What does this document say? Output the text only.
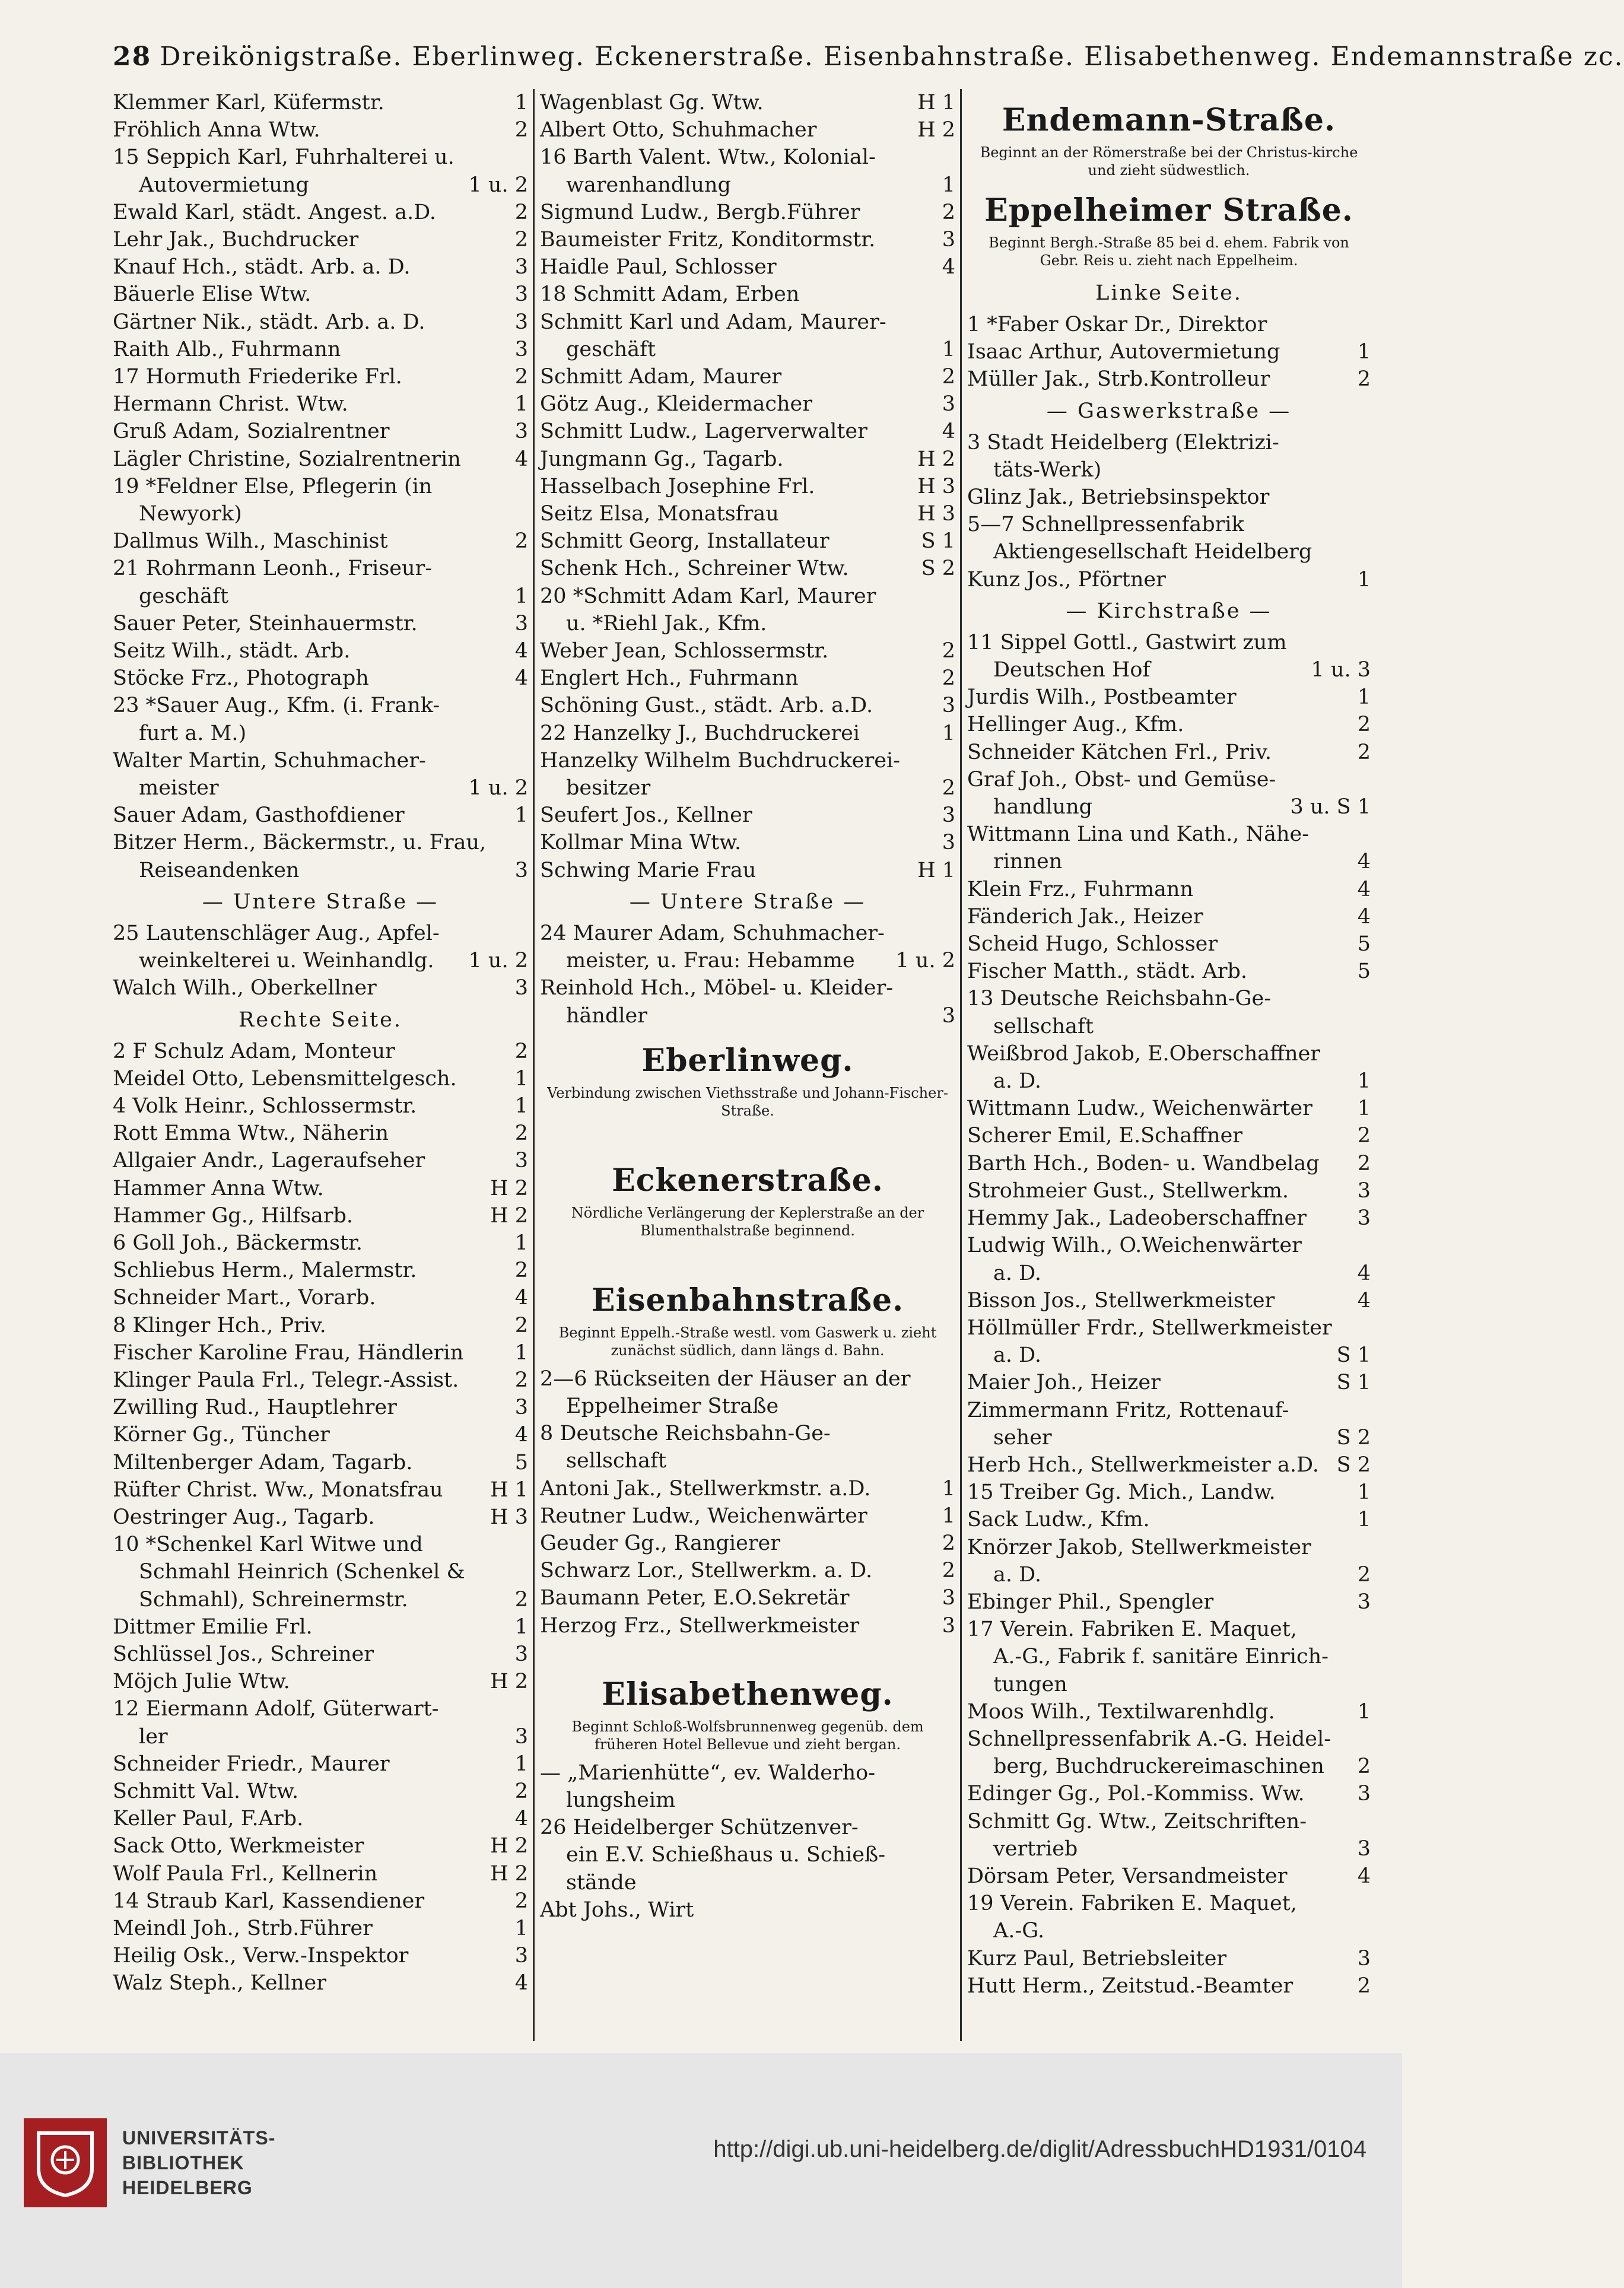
28 Dreikönigstraße. Eberlinweg. Eckenerstraße. Eisenbahnstraße. Elisabethenweg. Endemannstraße zc.
Klemmer Karl, Küfermstr.	1
Fröhlich Anna Wtw.	2
15 Seppich Karl, Fuhrhalterei u.
Autovermietung	1 u. 2
Ewald Karl, städt. Angest. a.D.	2
Lehr Jak., Buchdrucker	2
Knauf Hch., städt. Arb. a. D.	3
Bäuerle Elise Wtw.	3
Gärtner Nik., städt. Arb. a. D.	3
Raith Alb., Fuhrmann	3
17 Hormuth Friederike Frl.	2
Hermann Christ. Wtw.	1
Gruß Adam, Sozialrentner	3
Lägler Christine, Sozialrentnerin	4
19 *Feldner Else, Pflegerin (in
Newyork)
Dallmus Wilh., Maschinist	2
21 Rohrmann Leonh., Friseur-
geschäft	1
Sauer Peter, Steinhauermstr.	3
Seitz Wilh., städt. Arb.	4
Stöcke Frz., Photograph	4
23 *Sauer Aug., Kfm. (i. Frank-
furt a. M.)
Walter Martin, Schuhmacher-
meister	1 u. 2
Sauer Adam, Gasthofdiener	1
Bitzer Herm., Bäckermstr., u. Frau,
Reiseandenken	3
— Untere Straße —
25 Lautenschläger Aug., Apfel-
weinkelterei u. Weinhandlg. 1 u. 2
Walch Wilh., Oberkellner	3
Rechte Seite.
2 F Schulz Adam, Monteur	2
Meidel Otto, Lebensmittelgesch.	1
4 Volk Heinr., Schlossermstr.	1
Rott Emma Wtw., Näherin	2
Allgaier Andr., Lageraufseher	3
Hammer Anna Wtw.	H 2
Hammer Gg., Hilfsarb.	H 2
6 Goll Joh., Bäckermstr.	1
Schliebus Herm., Malermstr.	2
Schneider Mart., Vorarb.	4
8 Klinger Hch., Priv.	2
Fischer Karoline Frau, Händlerin 1
Klinger Paula Frl., Telegr.-Assist.	2
Zwilling Rud., Hauptlehrer	3
Körner Gg., Tüncher	4
Miltenberger Adam, Tagarb.	5
Rüfter Christ. Ww., Monatsfrau H 1
Oestringer Aug., Tagarb.	H 3
10 *Schenkel Karl Witwe und
Schmahl Heinrich (Schenkel &
Schmahl), Schreinermstr.	2
Dittmer Emilie Frl.	1
Schlüssel Jos., Schreiner	3
Möjch Julie Wtw.	H 2
12 Eiermann Adolf, Güterwart-
ler	3
Schneider Friedr., Maurer	1
Schmitt Val. Wtw.	2
Keller Paul, F.Arb.	4
Sack Otto, Werkmeister	H 2
Wolf Paula Frl., Kellnerin	H 2
14 Straub Karl, Kassendiener	2
Meindl Joh., Strb.Führer	1
Heilig Osk., Verw.-Inspektor	3
Walz Steph., Kellner	4
Wagenblast Gg. Wtw.	H 1
Albert Otto, Schuhmacher	H 2
16 Barth Valent. Wtw., Kolonial-
warenhandlung	1
Sigmund Ludw., Bergb.Führer	2
Baumeister Fritz, Konditormstr.	3
Haidle Paul, Schlosser	4
18 Schmitt Adam, Erben
Schmitt Karl und Adam, Maurer-
geschäft	1
Schmitt Adam, Maurer	2
Götz Aug., Kleidermacher	3
Schmitt Ludw., Lagerverwalter	4
Jungmann Gg., Tagarb.	H 2
Hasselbach Josephine Frl.	H 3
Seitz Elsa, Monatsfrau	H 3
Schmitt Georg, Installateur	S 1
Schenk Hch., Schreiner Wtw.	S 2
20 *Schmitt Adam Karl, Maurer
u. *Riehl Jak., Kfm.
Weber Jean, Schlossermstr.	2
Englert Hch., Fuhrmann	2
Schöning Gust., städt. Arb. a.D.	3
22 Hanzelky J., Buchdruckerei	1
Hanzelky Wilhelm Buchdruckerei-
besitzer	2
Seufert Jos., Kellner	3
Kollmar Mina Wtw.	3
Schwing Marie Frau	H 1
— Untere Straße —
24 Maurer Adam, Schuhmacher-
meister, u. Frau: Hebamme 1 u. 2
Reinhold Hch., Möbel- u. Kleider-
händler	3
Eberlinweg.
Verbindung zwischen Viethsstraße und Johann-Fischer-Straße.
Eckenerstraße.
Nördliche Verlängerung der Keplerstraße an der Blumenthalstraße beginnend.
Eisenbahnstraße.
Beginnt Eppelh.-Straße westl. vom Gaswerk u. zieht zunächst südlich, dann längs d. Bahn.
2—6 Rückseiten der Häuser an der
Eppelheimer Straße
8 Deutsche Reichsbahn-Ge-
sellschaft
Antoni Jak., Stellwerkmstr. a.D.	1
Reutner Ludw., Weichenwärter	1
Geuder Gg., Rangierer	2
Schwarz Lor., Stellwerkm. a. D.	2
Baumann Peter, E.O.Sekretär	3
Herzog Frz., Stellwerkmeister	3
Elisabethenweg.
Beginnt Schloß-Wolfsbrunnenweg gegenüb. dem früheren Hotel Bellevue und zieht bergan.
— „Marienhütte“, ev. Walderho-
lungsheim
26 Heidelberger Schützenver-
ein E.V. Schießhaus u. Schieß-
stände
Abt Johs., Wirt
Endemann-Straße.
Beginnt an der Römerstraße bei der Christus-kirche und zieht südwestlich.
Eppelheimer Straße.
Beginnt Bergh.-Straße 85 bei d. ehem. Fabrik von Gebr. Reis u. zieht nach Eppelheim.
Linke Seite.
1 *Faber Oskar Dr., Direktor
Isaac Arthur, Autovermietung	1
Müller Jak., Strb.Kontrolleur	2
— Gaswerkstraße —
3 Stadt Heidelberg (Elektrizi-
täts-Werk)
Glinz Jak., Betriebsinspektor
5—7 Schnellpressenfabrik
Aktiengesellschaft Heidelberg
Kunz Jos., Pförtner	1
— Kirchstraße —
11 Sippel Gottl., Gastwirt zum
Deutschen Hof	1 u. 3
Jurdis Wilh., Postbeamter	1
Hellinger Aug., Kfm.	2
Schneider Kätchen Frl., Priv.	2
Graf Joh., Obst- und Gemüse-
handlung	3 u. S 1
Wittmann Lina und Kath., Nähe-
rinnen	4
Klein Frz., Fuhrmann	4
Fänderich Jak., Heizer	4
Scheid Hugo, Schlosser	5
Fischer Matth., städt. Arb.	5
13 Deutsche Reichsbahn-Ge-
sellschaft
Weißbrod Jakob, E.Oberschaffner
a. D.	1
Wittmann Ludw., Weichenwärter 1
Scherer Emil, E.Schaffner	2
Barth Hch., Boden- u. Wandbelag 2
Strohmeier Gust., Stellwerkm.	3
Hemmy Jak., Ladeoberschaffner 3
Ludwig Wilh., O.Weichenwärter
a. D.	4
Bisson Jos., Stellwerkmeister	4
Höllmüller Frdr., Stellwerkmeister
a. D.	S 1
Maier Joh., Heizer	S 1
Zimmermann Fritz, Rottenauf-
seher	S 2
Herb Hch., Stellwerkmeister a.D. S 2
15 Treiber Gg. Mich., Landw.	1
Sack Ludw., Kfm.	1
Knörzer Jakob, Stellwerkmeister
a. D.	2
Ebinger Phil., Spengler	3
17 Verein. Fabriken E. Maquet,
A.-G., Fabrik f. sanitäre Einrich-
tungen
Moos Wilh., Textilwarenhdlg.	1
Schnellpressenfabrik A.-G. Heidel-
berg, Buchdruckereimaschinen 2
Edinger Gg., Pol.-Kommiss. Ww.	3
Schmitt Gg. Wtw., Zeitschriften-
vertrieb	3
Dörsam Peter, Versandmeister	4
19 Verein. Fabriken E. Maquet,
A.-G.
Kurz Paul, Betriebsleiter	3
Hutt Herm., Zeitstud.-Beamter	2
UNIVERSITÄTS-
BIBLIOTHEK
HEIDELBERG
http://digi.ub.uni-heidelberg.de/diglit/AdressbuchHD1931/0104
